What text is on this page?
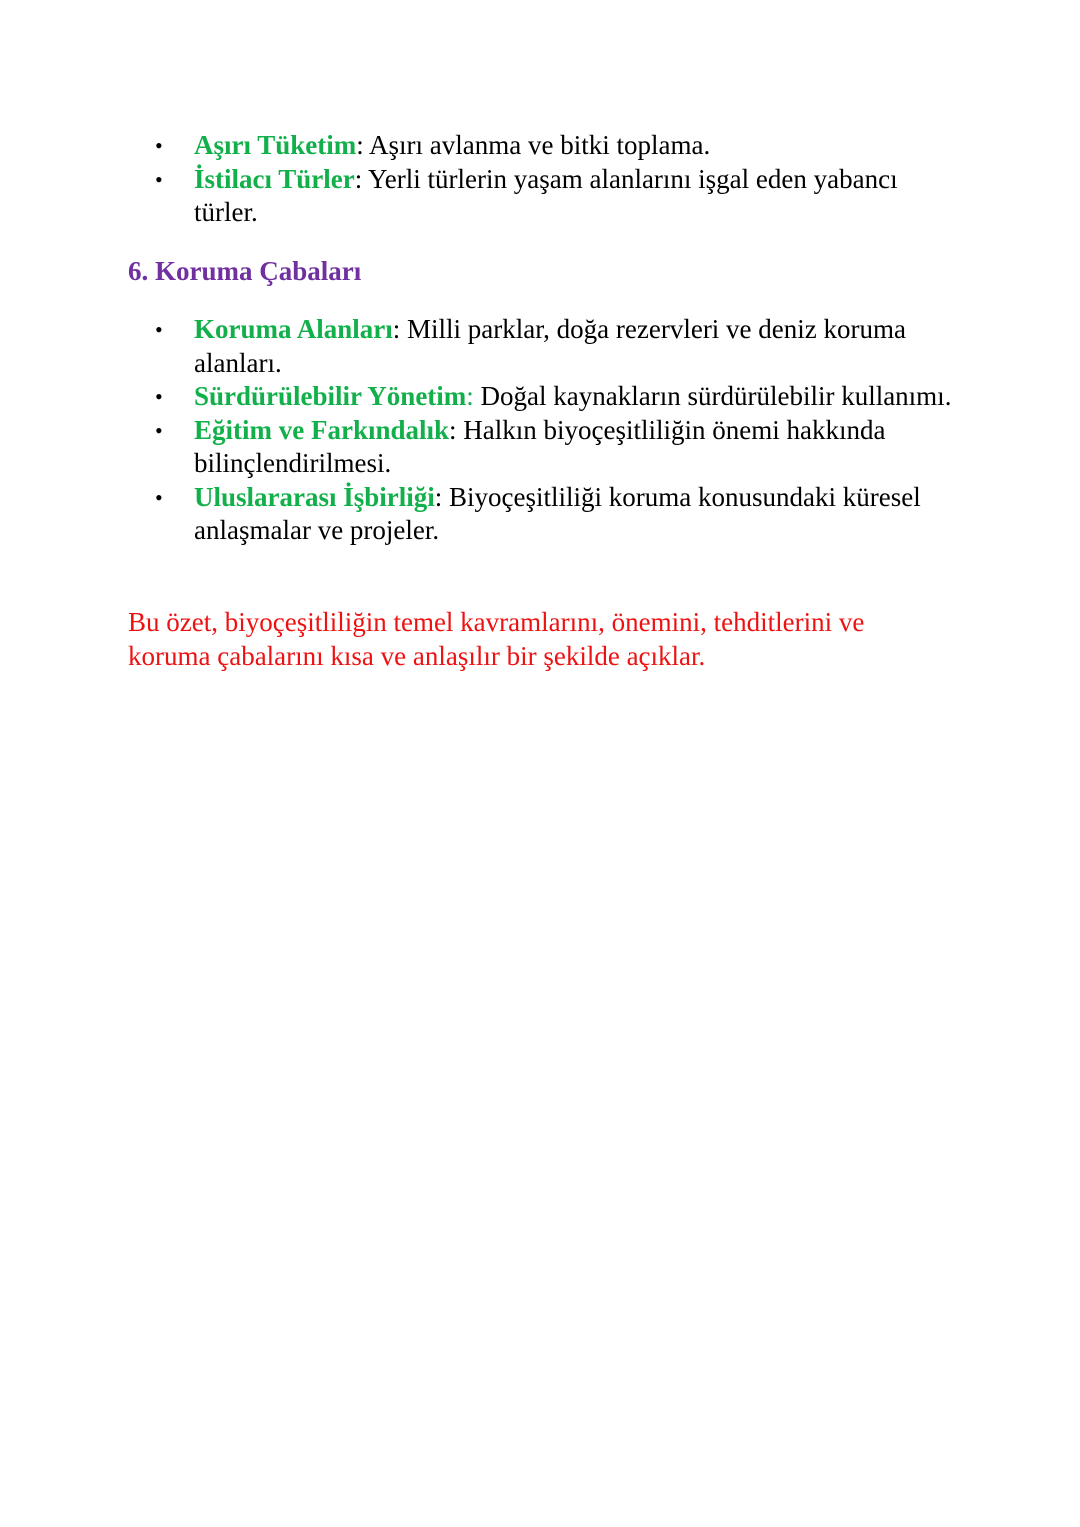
•	Aşırı Tüketim: Aşırı avlanma ve bitki toplama.
•	İstilacı Türler: Yerli türlerin yaşam alanlarını işgal eden yabancı türler.
6. Koruma Çabaları
•	Koruma Alanları: Milli parklar, doğa rezervleri ve deniz koruma alanları.
•	Sürdürülebilir Yönetim: Doğal kaynakların sürdürülebilir kullanımı.
•	Eğitim ve Farkındalık: Halkın biyoçeşitliliğin önemi hakkında bilinçlendirilmesi.
•	Uluslararası İşbirliği: Biyoçeşitliliği koruma konusundaki küresel anlaşmalar ve projeler.
Bu özet, biyoçeşitliliğin temel kavramlarını, önemini, tehditlerini ve koruma çabalarını kısa ve anlaşılır bir şekilde açıklar.
